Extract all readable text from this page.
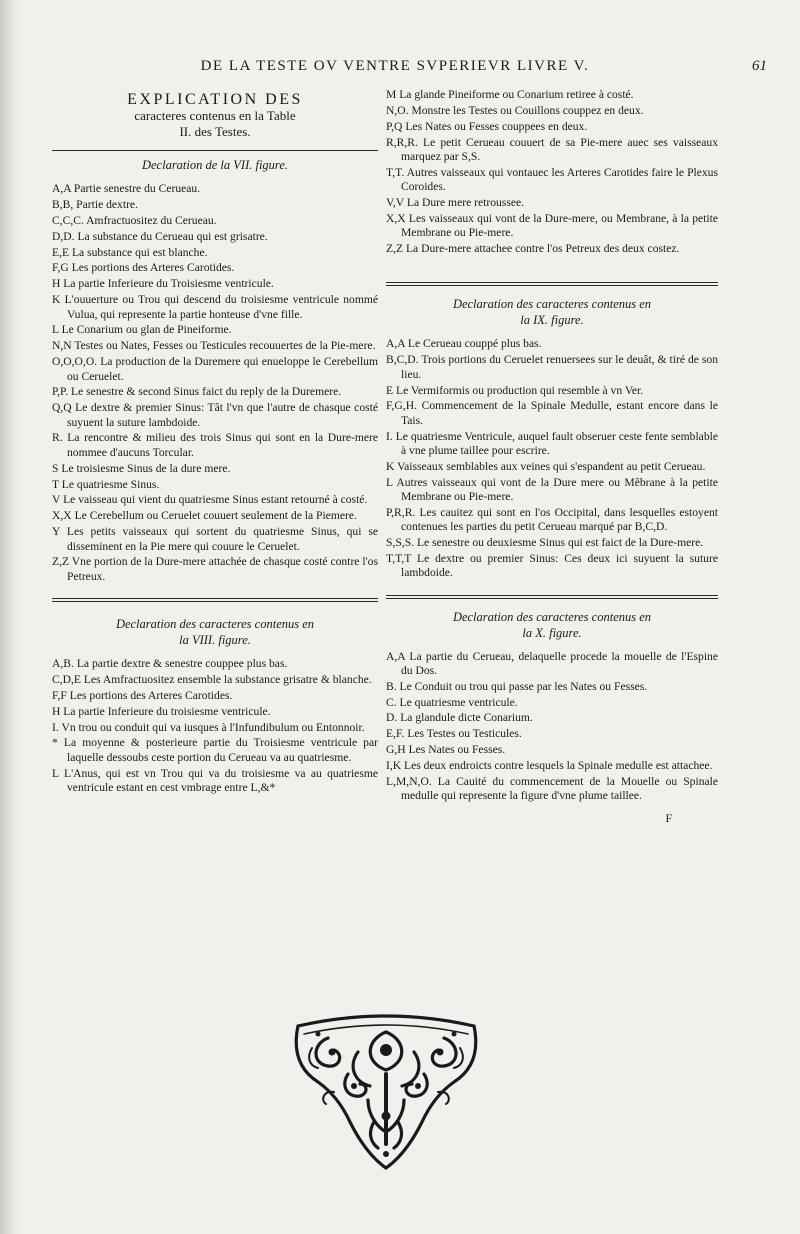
DE LA TESTE OV VENTRE SVPERIEVR LIVRE V.	61
EXPLICATION DES
caracteres contenus en la Table
II. des Testes.
Declaration de la VII. figure.
A,A Partie senestre du Cerueau.
B,B, Partie dextre.
C,C,C. Amfractuositez du Cerueau.
D,D. La substance du Cerueau qui est grisatre.
E,E La substance qui est blanche.
F,G Les portions des Arteres Carotides.
H La partie Inferieure du Troisiesme ventricule.
K L'ouuerture ou Trou qui descend du troisiesme ventricule nommé Vulua, qui represente la partie honteuse d'vne fille.
L Le Conarium ou glan de Pineiforme.
N,N Testes ou Nates, Fesses ou Testicules recouuertes de la Pie-mere.
O,O,O,O. La production de la Duremere qui enueloppe le Cerebellum ou Ceruelet.
P,P. Le senestre & second Sinus faict du reply de la Duremere.
Q,Q Le dextre & premier Sinus: Tât l'vn que l'autre de chasque costé suyuent la suture lambdoide.
R. La rencontre & milieu des trois Sinus qui sont en la Dure-mere nommee d'aucuns Torcular.
S Le troisiesme Sinus de la dure mere.
T Le quatriesme Sinus.
V Le vaisseau qui vient du quatriesme Sinus estant retourné à costé.
X,X Le Cerebellum ou Ceruelet couuert seulement de la Piemere.
Y Les petits vaisseaux qui sortent du quatriesme Sinus, qui se disseminent en la Pie mere qui couure le Ceruelet.
Z,Z Vne portion de la Dure-mere attachée de chasque costé contre l'os Petreux.
Declaration des caracteres contenus en
la VIII. figure.
A,B. La partie dextre & senestre couppee plus bas.
C,D,E Les Amfractuositez ensemble la substance grisatre & blanche.
F,F Les portions des Arteres Carotides.
H La partie Inferieure du troisiesme ventricule.
I. Vn trou ou conduit qui va iusques à l'Infundibulum ou Entonnoir.
* La moyenne & posterieure partie du Troisiesme ventricule par laquelle dessoubs ceste portion du Cerueau va au quatriesme.
L L'Anus, qui est vn Trou qui va du troisiesme va au quatriesme ventricule estant en cest vmbrage entre L,&*
M La glande Pineiforme ou Conarium retiree à costé.
N,O. Monstre les Testes ou Couillons couppez en deux.
P,Q Les Nates ou Fesses couppees en deux.
R,R,R. Le petit Cerueau couuert de sa Pie-mere auec ses vaisseaux marquez par S,S.
T,T. Autres vaisseaux qui vontauec les Arteres Carotides faire le Plexus Coroides.
V,V La Dure mere retroussee.
X,X Les vaisseaux qui vont de la Dure-mere, ou Membrane, à la petite Membrane ou Pie-mere.
Z,Z La Dure-mere attachee contre l'os Petreux des deux costez.
Declaration des caracteres contenus en
la IX. figure.
A,A Le Cerueau couppé plus bas.
B,C,D. Trois portions du Ceruelet renuersees sur le deuât, & tiré de son lieu.
E Le Vermiformis ou production qui resemble à vn Ver.
F,G,H. Commencement de la Spinale Medulle, estant encore dans le Tais.
I. Le quatriesme Ventricule, auquel fault obseruer ceste fente semblable à vne plume taillee pour escrire.
K Vaisseaux semblables aux veines qui s'espandent au petit Cerueau.
L Autres vaisseaux qui vont de la Dure mere ou Mêbrane à la petite Membrane ou Pie-mere.
P,R,R. Les cauitez qui sont en l'os Occipital, dans lesquelles estoyent contenues les parties du petit Cerueau marqué par B,C,D.
S,S,S. Le senestre ou deuxiesme Sinus qui est faict de la Dure-mere.
T,T,T Le dextre ou premier Sinus: Ces deux ici suyuent la suture lambdoide.
Declaration des caracteres contenus en
la X. figure.
A,A La partie du Cerueau, delaquelle procede la mouelle de l'Espine du Dos.
B. Le Conduit ou trou qui passe par les Nates ou Fesses.
C. Le quatriesme ventricule.
D. La glandule dicte Conarium.
E,F. Les Testes ou Testicules.
G,H Les Nates ou Fesses.
I,K Les deux endroicts contre lesquels la Spinale medulle est attachee.
L,M,N,O. La Cauité du commencement de la Mouelle ou Spinale medulle qui represente la figure d'vne plume taillee.
F
